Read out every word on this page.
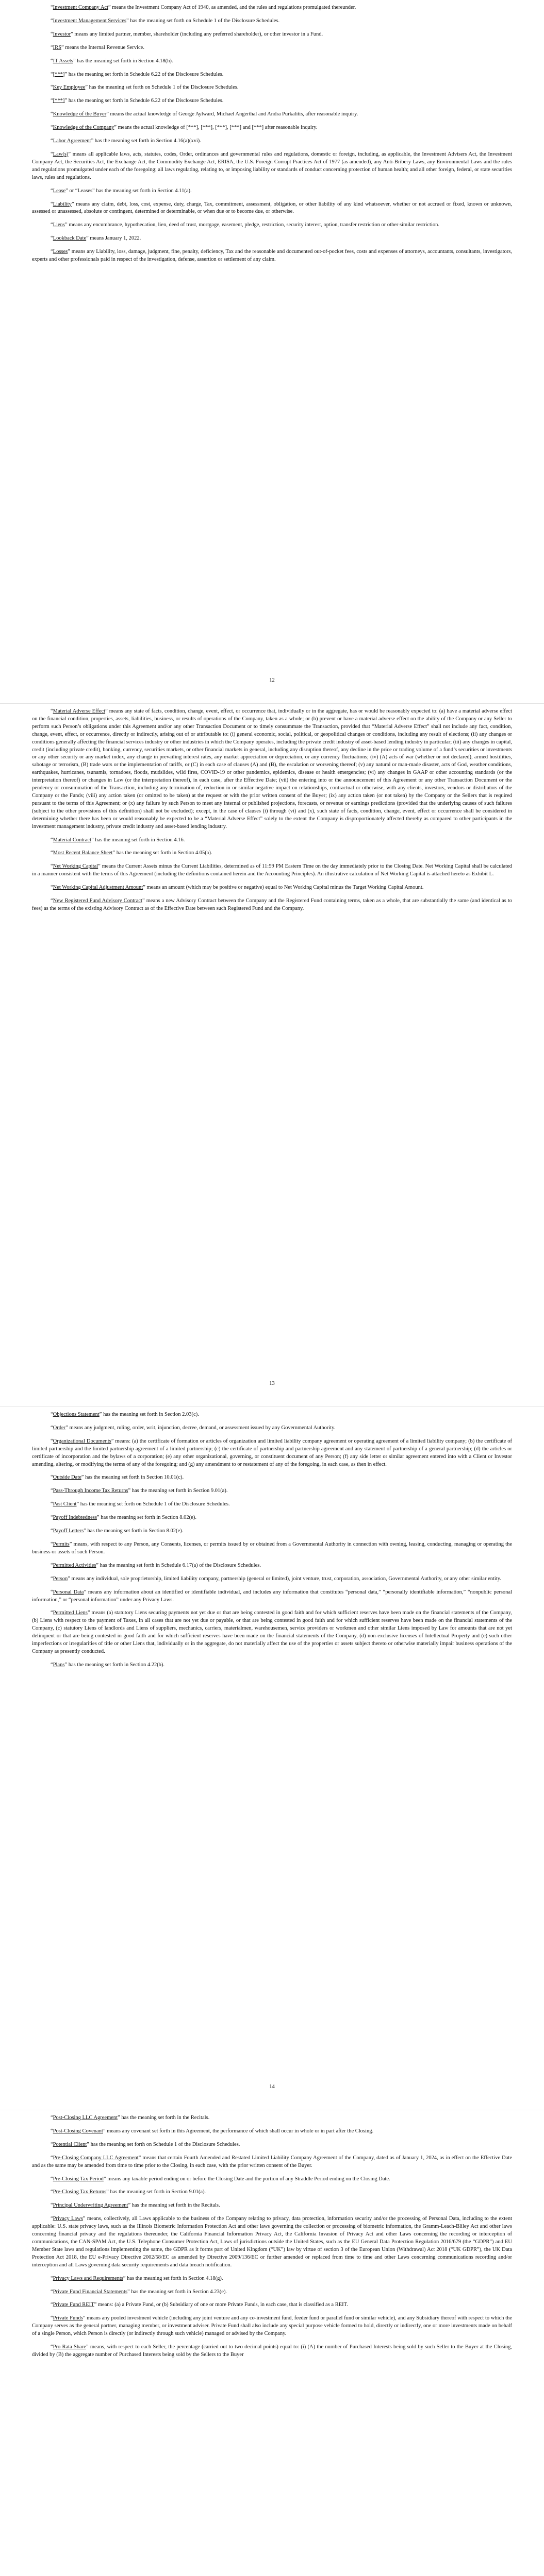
“Investment Company Act” means the Investment Company Act of 1940, as amended, and the rules and regulations promulgated thereunder.

“Investment Management Services” has the meaning set forth on Schedule 1 of the Disclosure Schedules.

“Investor” means any limited partner, member, shareholder (including any preferred shareholder), or other investor in a Fund.

“IRS” means the Internal Revenue Service.

“IT Assets” has the meaning set forth in Section 4.18(h).

“[***]” has the meaning set forth in Schedule 6.22 of the Disclosure Schedules.

“Key Employee” has the meaning set forth on Schedule 1 of the Disclosure Schedules.

“[***]” has the meaning set forth in Schedule 6.22 of the Disclosure Schedules.

“Knowledge of the Buyer” means the actual knowledge of George Aylward, Michael Angerthal and Andra Purkalitis, after reasonable inquiry.

“Knowledge of the Company” means the actual knowledge of [***], [***], [***], [***] and [***] after reasonable inquiry.

“Labor Agreement” has the meaning set forth in Section 4.16(a)(xvi).

“Law(s)” means all applicable laws, acts, statutes, codes, Order, ordinances and governmental rules and regulations, domestic or foreign, including, as applicable, the Investment Advisers Act, the Investment Company Act, the Securities Act, the Exchange Act, the Commodity Exchange Act, ERISA, the U.S. Foreign Corrupt Practices Act of 1977 (as amended), any Anti-Bribery Laws, any Environmental Laws and the rules and regulations promulgated under each of the foregoing; all laws regulating, relating to, or imposing liability or standards of conduct concerning protection of human health; and all other foreign, federal, or state securities laws, rules and regulations.

“Lease” or “Leases” has the meaning set forth in Section 4.11(a).

“Liability” means any claim, debt, loss, cost, expense, duty, charge, Tax, commitment, assessment, obligation, or other liability of any kind whatsoever, whether or not accrued or fixed, known or unknown, assessed or unassessed, absolute or contingent, determined or determinable, or when due or to become due, or otherwise.

“Liens” means any encumbrance, hypothecation, lien, deed of trust, mortgage, easement, pledge, restriction, security interest, option, transfer restriction or other similar restriction.

“Lookback Date” means January 1, 2022.

“Losses” means any Liability, loss, damage, judgment, fine, penalty, deficiency, Tax and the reasonable and documented out-of-pocket fees, costs and expenses of attorneys, accountants, consultants, investigators, experts and other professionals paid in respect of the investigation, defense, assertion or settlement of any claim.

12

“Material Adverse Effect” means any state of facts, condition, change, event, effect, or occurrence that, individually or in the aggregate, has or would be reasonably expected to: (a) have a material adverse effect on the financial condition, properties, assets, liabilities, business, or results of operations of the Company, taken as a whole; or (b) prevent or have a material adverse effect on the ability of the Company or any Seller to perform such Person’s obligations under this Agreement and/or any other Transaction Document or to timely consummate the Transaction, provided that “Material Adverse Effect” shall not include any fact, condition, change, event, effect, or occurrence, directly or indirectly, arising out of or attributable to: (i) general economic, social, political, or geopolitical changes or conditions, including any result of elections; (ii) any changes or conditions generally affecting the financial services industry or other industries in which the Company operates, including the private credit industry of asset-based lending industry in particular; (iii) any changes in capital, credit (including private credit), banking, currency, securities markets, or other financial markets in general, including any disruption thereof, any decline in the price or trading volume of a fund’s securities or investments or any other security or any market index, any change in prevailing interest rates, any market appreciation or depreciation, or any currency fluctuations; (iv) (A) acts of war (whether or not declared), armed hostilities, sabotage or terrorism, (B) trade wars or the implementation of tariffs, or (C) in each case of clauses (A) and (B), the escalation or worsening thereof; (v) any natural or man-made disaster, acts of God, weather conditions, earthquakes, hurricanes, tsunamis, tornadoes, floods, mudslides, wild fires, COVID-19 or other pandemics, epidemics, disease or health emergencies; (vi) any changes in GAAP or other accounting standards (or the interpretation thereof) or changes in Law (or the interpretation thereof), in each case, after the Effective Date; (vii) the entering into or the announcement of this Agreement or any other Transaction Document or the pendency or consummation of the Transaction, including any termination of, reduction in or similar negative impact on relationships, contractual or otherwise, with any clients, investors, vendors or distributors of the Company or the Funds; (viii) any action taken (or omitted to be taken) at the request or with the prior written consent of the Buyer; (ix) any action taken (or not taken) by the Company or the Sellers that is required pursuant to the terms of this Agreement; or (x) any failure by such Person to meet any internal or published projections, forecasts, or revenue or earnings predictions (provided that the underlying causes of such failures (subject to the other provisions of this definition) shall not be excluded); except, in the case of clauses (i) through (vi) and (x), such state of facts, condition, change, event, effect or occurrence shall be considered in determining whether there has been or would reasonably be expected to be a “Material Adverse Effect” solely to the extent the Company is disproportionately affected thereby as compared to other participants in the investment management industry, private credit industry and asset-based lending industry.

“Material Contract” has the meaning set forth in Section 4.16.

“Most Recent Balance Sheet” has the meaning set forth in Section 4.05(a).

“Net Working Capital” means the Current Assets minus the Current Liabilities, determined as of 11:59 PM Eastern Time on the day immediately prior to the Closing Date. Net Working Capital shall be calculated in a manner consistent with the terms of this Agreement (including the definitions contained herein and the Accounting Principles). An illustrative calculation of Net Working Capital is attached hereto as Exhibit L.

“Net Working Capital Adjustment Amount” means an amount (which may be positive or negative) equal to Net Working Capital minus the Target Working Capital Amount.

“New Registered Fund Advisory Contract” means a new Advisory Contract between the Company and the Registered Fund containing terms, taken as a whole, that are substantially the same (and identical as to fees) as the terms of the existing Advisory Contract as of the Effective Date between such Registered Fund and the Company.

13

“Objections Statement” has the meaning set forth in Section 2.03(c).

“Order” means any judgment, ruling, order, writ, injunction, decree, demand, or assessment issued by any Governmental Authority.

“Organizational Documents” means: (a) the certificate of formation or articles of organization and limited liability company agreement or operating agreement of a limited liability company; (b) the certificate of limited partnership and the limited partnership agreement of a limited partnership; (c) the certificate of partnership and partnership agreement and any statement of partnership of a general partnership; (d) the articles or certificate of incorporation and the bylaws of a corporation; (e) any other organizational, governing, or constituent document of any Person; (f) any side letter or similar agreement entered into with a Client or Investor amending, altering, or modifying the terms of any of the foregoing; and (g) any amendment to or restatement of any of the foregoing, in each case, as then in effect.

“Outside Date” has the meaning set forth in Section 10.01(c).

“Pass-Through Income Tax Returns” has the meaning set forth in Section 9.01(a).

“Past Client” has the meaning set forth on Schedule 1 of the Disclosure Schedules.

“Payoff Indebtedness” has the meaning set forth in Section 8.02(e).

“Payoff Letters” has the meaning set forth in Section 8.02(e).

“Permits” means, with respect to any Person, any Consents, licenses, or permits issued by or obtained from a Governmental Authority in connection with owning, leasing, conducting, managing or operating the business or assets of such Person.

“Permitted Activities” has the meaning set forth in Schedule 6.17(a) of the Disclosure Schedules.

“Person” means any individual, sole proprietorship, limited liability company, partnership (general or limited), joint venture, trust, corporation, association, Governmental Authority, or any other similar entity.

“Personal Data” means any information about an identified or identifiable individual, and includes any information that constitutes “personal data,” “personally identifiable information,” “nonpublic personal information,” or “personal information” under any Privacy Laws.

“Permitted Liens” means (a) statutory Liens securing payments not yet due or that are being contested in good faith and for which sufficient reserves have been made on the financial statements of the Company, (b) Liens with respect to the payment of Taxes, in all cases that are not yet due or payable, or that are being contested in good faith and for which sufficient reserves have been made on the financial statements of the Company, (c) statutory Liens of landlords and Liens of suppliers, mechanics, carriers, materialmen, warehousemen, service providers or workmen and other similar Liens imposed by Law for amounts that are not yet delinquent or that are being contested in good faith and for which sufficient reserves have been made on the financial statements of the Company, (d) non-exclusive licenses of Intellectual Property and (e) such other imperfections or irregularities of title or other Liens that, individually or in the aggregate, do not materially affect the use of the properties or assets subject thereto or otherwise materially impair business operations of the Company as presently conducted.

“Plans” has the meaning set forth in Section 4.22(b).

14

“Post-Closing LLC Agreement” has the meaning set forth in the Recitals.

“Post-Closing Covenant” means any covenant set forth in this Agreement, the performance of which shall occur in whole or in part after the Closing.

“Potential Client” has the meaning set forth on Schedule 1 of the Disclosure Schedules.

“Pre-Closing Company LLC Agreement” means that certain Fourth Amended and Restated Limited Liability Company Agreement of the Company, dated as of January 1, 2024, as in effect on the Effective Date and as the same may be amended from time to time prior to the Closing, in each case, with the prior written consent of the Buyer.

“Pre-Closing Tax Period” means any taxable period ending on or before the Closing Date and the portion of any Straddle Period ending on the Closing Date.

“Pre-Closing Tax Returns” has the meaning set forth in Section 9.01(a).

“Principal Underwriting Agreement” has the meaning set forth in the Recitals.

“Privacy Laws” means, collectively, all Laws applicable to the business of the Company relating to privacy, data protection, information security and/or the processing of Personal Data, including to the extent applicable: U.S. state privacy laws, such as the Illinois Biometric Information Protection Act and other laws governing the collection or processing of biometric information, the Gramm-Leach-Bliley Act and other laws concerning financial privacy and the regulations thereunder, the California Financial Information Privacy Act, the California Invasion of Privacy Act and other Laws concerning the recording or interception of communications, the CAN-SPAM Act, the U.S. Telephone Consumer Protection Act, Laws of jurisdictions outside the United States, such as the EU General Data Protection Regulation 2016/679 (the “GDPR”) and EU Member State laws and regulations implementing the same, the GDPR as it forms part of United Kingdom (“UK”) law by virtue of section 3 of the European Union (Withdrawal) Act 2018 (“UK GDPR”), the UK Data Protection Act 2018, the EU e-Privacy Directive 2002/58/EC as amended by Directive 2009/136/EC or further amended or replaced from time to time and other Laws concerning communications recording and/or interception and all Laws governing data security requirements and data breach notification.

“Privacy Laws and Requirements” has the meaning set forth in Section 4.18(g).

“Private Fund Financial Statements” has the meaning set forth in Section 4.23(e).

“Private Fund REIT” means: (a) a Private Fund, or (b) Subsidiary of one or more Private Funds, in each case, that is classified as a REIT.

“Private Funds” means any pooled investment vehicle (including any joint venture and any co-investment fund, feeder fund or parallel fund or similar vehicle), and any Subsidiary thereof with respect to which the Company serves as the general partner, managing member, or investment adviser. Private Fund shall also include any special purpose vehicle formed to hold, directly or indirectly, one or more investments made on behalf of a single Person, which Person is directly (or indirectly through such vehicle) managed or advised by the Company.

“Pro Rata Share” means, with respect to each Seller, the percentage (carried out to two decimal points) equal to: (i) (A) the number of Purchased Interests being sold by such Seller to the Buyer at the Closing, divided by (B) the aggregate number of Purchased Interests being sold by the Sellers to the Buyer
